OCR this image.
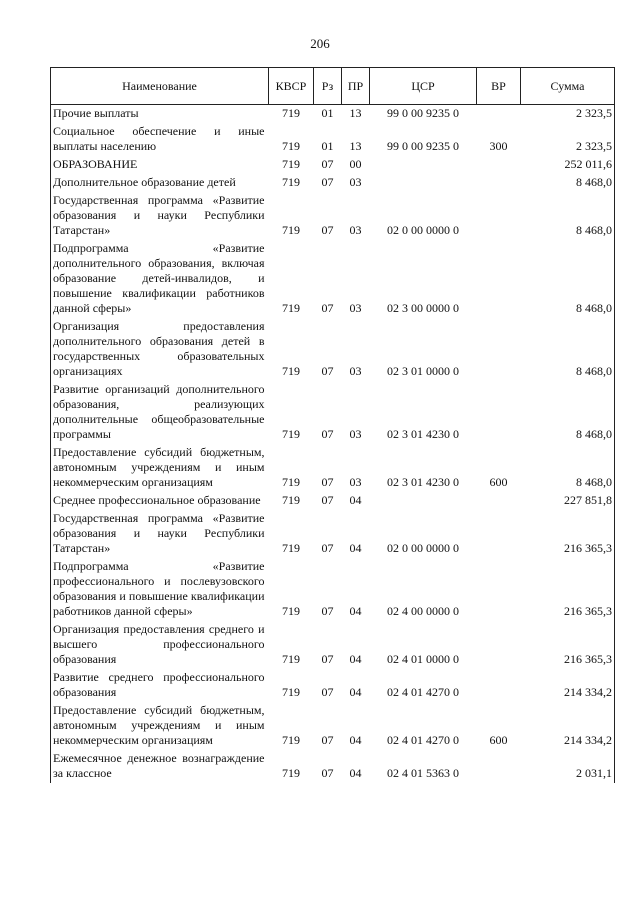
206
Наименование	КВСР	Рз	ПР	ЦСР	ВР	Сумма
Прочие выплаты	719	01	13	99 0 00 9235 0		2 323,5
Социальное обеспечение и иные выплаты населению	719	01	13	99 0 00 9235 0	300	2 323,5
ОБРАЗОВАНИЕ	719	07	00			252 011,6
Дополнительное образование детей	719	07	03			8 468,0
Государственная программа «Развитие образования и науки Республики Татарстан»	719	07	03	02 0 00 0000 0		8 468,0
Подпрограмма «Развитие дополнительного образования, включая образование детей-инвалидов, и повышение квалификации работников данной сферы»	719	07	03	02 3 00 0000 0		8 468,0
Организация предоставления дополнительного образования детей в государственных образовательных организациях	719	07	03	02 3 01 0000 0		8 468,0
Развитие организаций дополнительного образования, реализующих дополнительные общеобразовательные программы	719	07	03	02 3 01 4230 0		8 468,0
Предоставление субсидий бюджетным, автономным учреждениям и иным некоммерческим организациям	719	07	03	02 3 01 4230 0	600	8 468,0
Среднее профессиональное образование	719	07	04			227 851,8
Государственная программа «Развитие образования и науки Республики Татарстан»	719	07	04	02 0 00 0000 0		216 365,3
Подпрограмма «Развитие профессионального и послевузовского образования и повышение квалификации работников данной сферы»	719	07	04	02 4 00 0000 0		216 365,3
Организация предоставления среднего и высшего профессионального образования	719	07	04	02 4 01 0000 0		216 365,3
Развитие среднего профессионального образования	719	07	04	02 4 01 4270 0		214 334,2
Предоставление субсидий бюджетным, автономным учреждениям и иным некоммерческим организациям	719	07	04	02 4 01 4270 0	600	214 334,2
Ежемесячное денежное вознаграждение за классное	719	07	04	02 4 01 5363 0		2 031,1
